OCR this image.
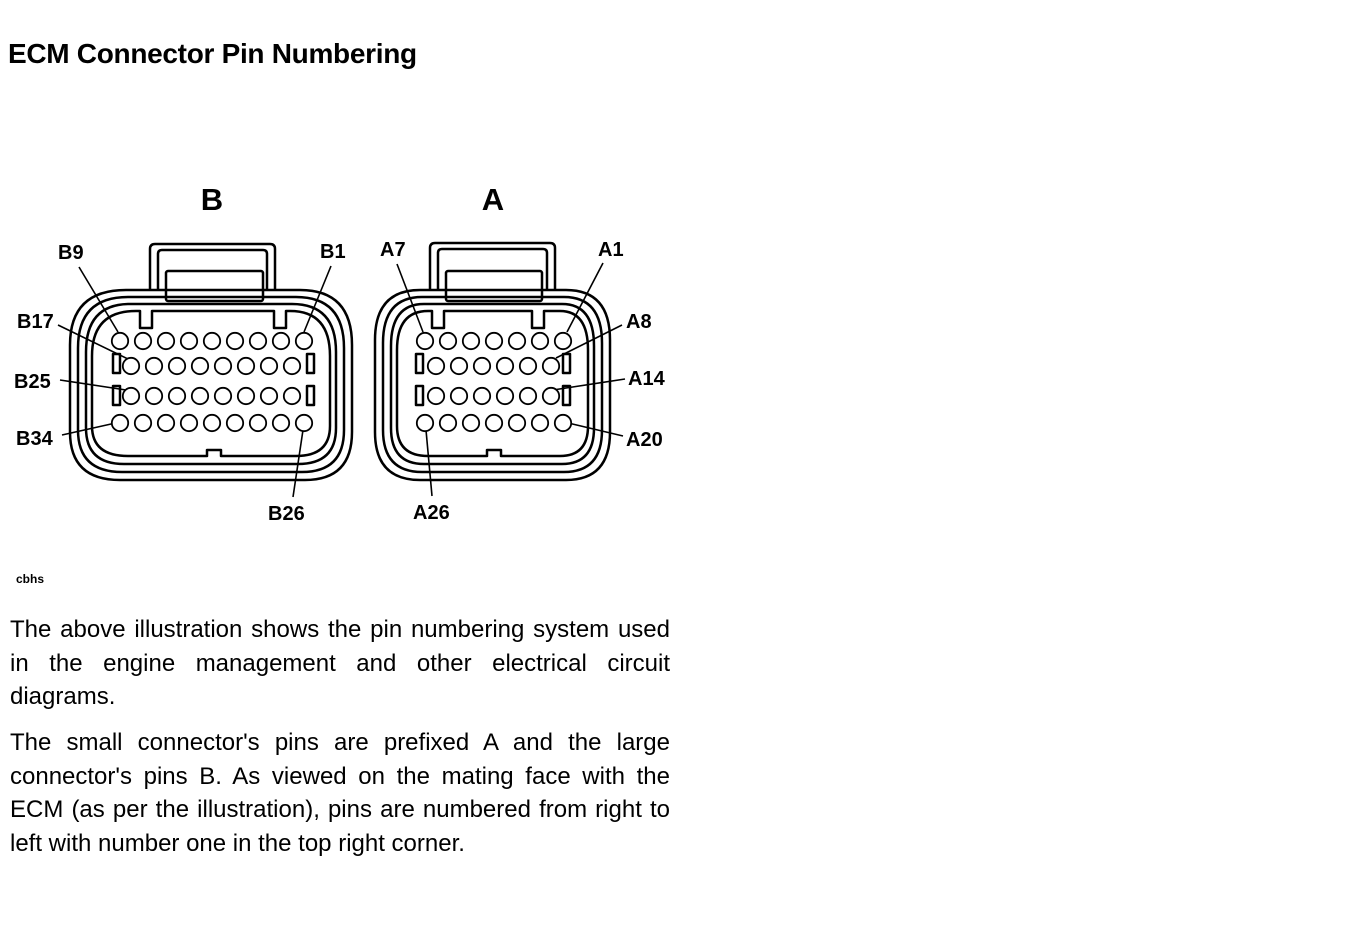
ECM Connector Pin Numbering
B	A
B9	B1
B17
B25
B34
B26
A7	A1
A8
A14
A20
A26
cbhs

The above illustration shows the pin numbering system used in the engine management and other electrical circuit diagrams.

The small connector's pins are prefixed A and the large connector's pins B. As viewed on the mating face with the ECM (as per the illustration), pins are numbered from right to left with number one in the top right corner.
